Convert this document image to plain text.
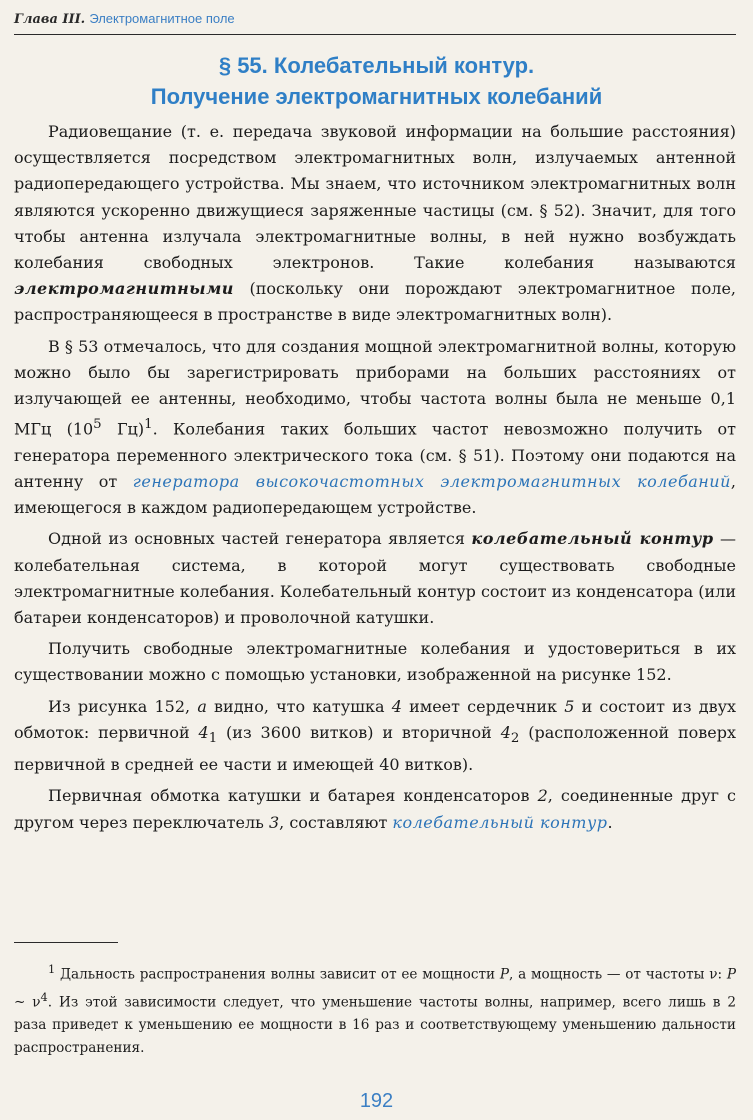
Глава III. Электромагнитное поле
§ 55. Колебательный контур.
Получение электромагнитных колебаний

Радиовещание (т. е. передача звуковой информации на большие расстояния) осуществляется посредством электромагнитных волн, излучаемых антенной радиопередающего устройства. Мы знаем, что источником электромагнитных волн являются ускоренно движущиеся заряженные частицы (см. § 52). Значит, для того чтобы антенна излучала электромагнитные волны, в ней нужно возбуждать колебания свободных электронов. Такие колебания называются электромагнитными (поскольку они порождают электромагнитное поле, распространяющееся в пространстве в виде электромагнитных волн).

В § 53 отмечалось, что для создания мощной электромагнитной волны, которую можно было бы зарегистрировать приборами на больших расстояниях от излучающей ее антенны, необходимо, чтобы частота волны была не меньше 0,1 МГц ($10^5$ Гц)$^1$. Колебания таких больших частот невозможно получить от генератора переменного электрического тока (см. § 51). Поэтому они подаются на антенну от генератора высокочастотных электромагнитных колебаний, имеющегося в каждом радиопередающем устройстве.

Одной из основных частей генератора является колебательный контур — колебательная система, в которой могут существовать свободные электромагнитные колебания. Колебательный контур состоит из конденсатора (или батареи конденсаторов) и проволочной катушки.

Получить свободные электромагнитные колебания и удостовериться в их существовании можно с помощью установки, изображенной на рисунке 152.

Из рисунка 152, а видно, что катушка 4 имеет сердечник 5 и состоит из двух обмоток: первичной $4_1$ (из 3600 витков) и вторичной $4_2$ (расположенной поверх первичной в средней ее части и имеющей 40 витков).

Первичная обмотка катушки и батарея конденсаторов 2, соединенные друг с другом через переключатель 3, составляют колебательный контур.

$^1$ Дальность распространения волны зависит от ее мощности P, а мощность — от частоты ν: P ~ $\nu^4$. Из этой зависимости следует, что уменьшение частоты волны, например, всего лишь в 2 раза приведет к уменьшению ее мощности в 16 раз и соответствующему уменьшению дальности распространения.

192
